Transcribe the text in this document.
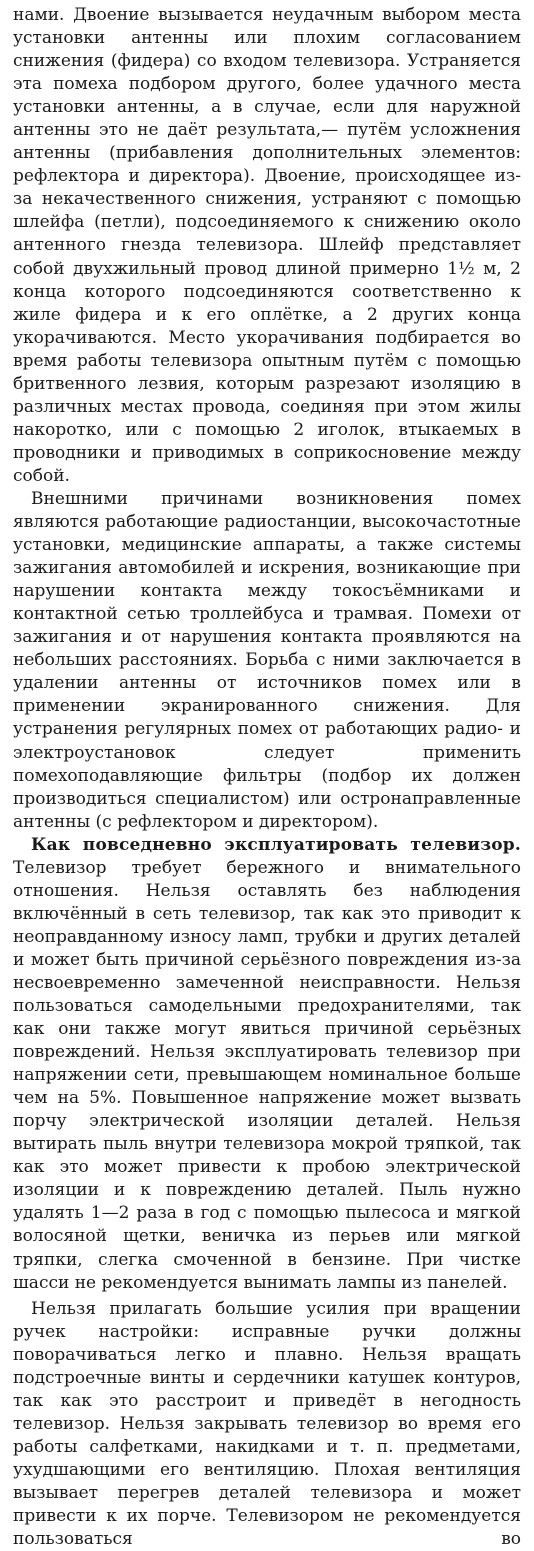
нами. Двоение вызывается неудачным выбором места установки антенны или плохим согласованием снижения (фидера) со входом телевизора. Устраняется эта помеха подбором другого, более удачного места установки антенны, а в случае, если для наружной антенны это не даёт результата,— путём усложнения антенны (прибавления дополнительных элементов: рефлектора и директора). Двоение, происходящее из-за некачественного снижения, устраняют с помощью шлейфа (петли), подсоединяемого к снижению около антенного гнезда телевизора. Шлейф представляет собой двухжильный провод длиной примерно 1½ м, 2 конца которого подсоединяются соответственно к жиле фидера и к его оплётке, а 2 других конца укорачиваются. Место укорачивания подбирается во время работы телевизора опытным путём с помощью бритвенного лезвия, которым разрезают изоляцию в различных местах провода, соединяя при этом жилы накоротко, или с помощью 2 иголок, втыкаемых в проводники и приводимых в соприкосновение между собой.

Внешними причинами возникновения помех являются работающие радиостанции, высокочастотные установки, медицинские аппараты, а также системы зажигания автомобилей и искрения, возникающие при нарушении контакта между токосъёмниками и контактной сетью троллейбуса и трамвая. Помехи от зажигания и от нарушения контакта проявляются на небольших расстояниях. Борьба с ними заключается в удалении антенны от источников помех или в применении экранированного снижения. Для устранения регулярных помех от работающих радио- и электроустановок следует применить помехоподавляющие фильтры (подбор их должен производиться специалистом) или остронаправленные антенны (с рефлектором и директором).

Как повседневно эксплуатировать телевизор. Телевизор требует бережного и внимательного отношения. Нельзя оставлять без наблюдения включённый в сеть телевизор, так как это приводит к неоправданному износу ламп, трубки и других деталей и может быть причиной серьёзного повреждения из-за несвоевременно замеченной неисправности. Нельзя пользоваться самодельными предохранителями, так как они также могут явиться причиной серьёзных повреждений. Нельзя эксплуатировать телевизор при напряжении сети, превышающем номинальное больше чем на 5%. Повышенное напряжение может вызвать порчу электрической изоляции деталей. Нельзя вытирать пыль внутри телевизора мокрой тряпкой, так как это может привести к пробою электрической изоляции и к повреждению деталей. Пыль нужно удалять 1—2 раза в год с помощью пылесоса и мягкой волосяной щетки, веничка из перьев или мягкой тряпки, слегка смоченной в бензине. При чистке шасси не рекомендуется вынимать лампы из панелей.

Нельзя прилагать большие усилия при вращении ручек настройки: исправные ручки должны поворачиваться легко и плавно. Нельзя вращать подстроечные винты и сердечники катушек контуров, так как это расстроит и приведёт в негодность телевизор. Нельзя закрывать телевизор во время его работы салфетками, накидками и т. п. предметами, ухудшающими его вентиляцию. Плохая вентиляция вызывает перегрев деталей телевизора и может привести к их порче. Телевизором не рекомендуется пользоваться во
